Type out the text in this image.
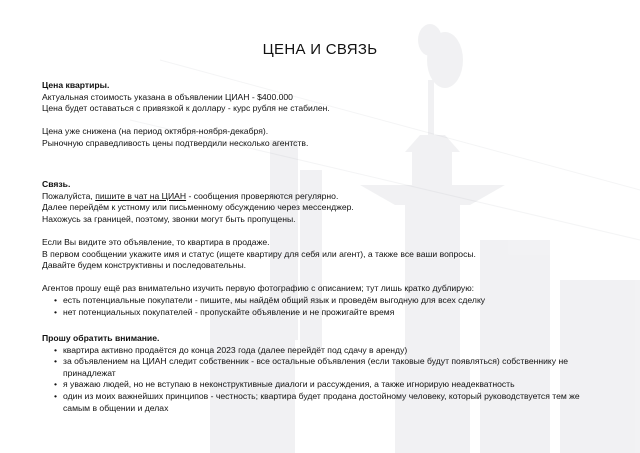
ЦЕНА И СВЯЗЬ

Цена квартиры.

Актуальная стоимость указана в объявлении ЦИАН - $400.000

Цена будет оставаться с привязкой к доллару - курс рубля не стабилен.

Цена уже снижена (на период октября-ноября-декабря).

Рыночную справедливость цены подтвердили несколько агентств.

Связь.

Пожалуйста, пишите в чат на ЦИАН - сообщения проверяются регулярно.

Далее перейдём к устному или письменному обсуждению через мессенджер.

Нахожусь за границей, поэтому, звонки могут быть пропущены.

Если Вы видите это объявление, то квартира в продаже.

В первом сообщении укажите имя и статус (ищете квартиру для себя или агент), а также все ваши вопросы.

Давайте будем конструктивны и последовательны.

Агентов прошу ещё раз внимательно изучить первую фотографию с описанием; тут лишь кратко дублирую:

• есть потенциальные покупатели - пишите, мы найдём общий язык и проведём выгодную для всех сделку
• нет потенциальных покупателей - пропускайте объявление и не прожигайте время

Прошу обратить внимание.

• квартира активно продаётся до конца 2023 года (далее перейдёт под сдачу в аренду)
• за объявлением на ЦИАН следит собственник - все остальные объявления (если таковые будут появляться) собственнику не принадлежат
• я уважаю людей, но не вступаю в неконструктивные диалоги и рассуждения, а также игнорирую неадекватность
• один из моих важнейших принципов - честность; квартира будет продана достойному человеку, который руководствуется тем же самым в общении и делах
